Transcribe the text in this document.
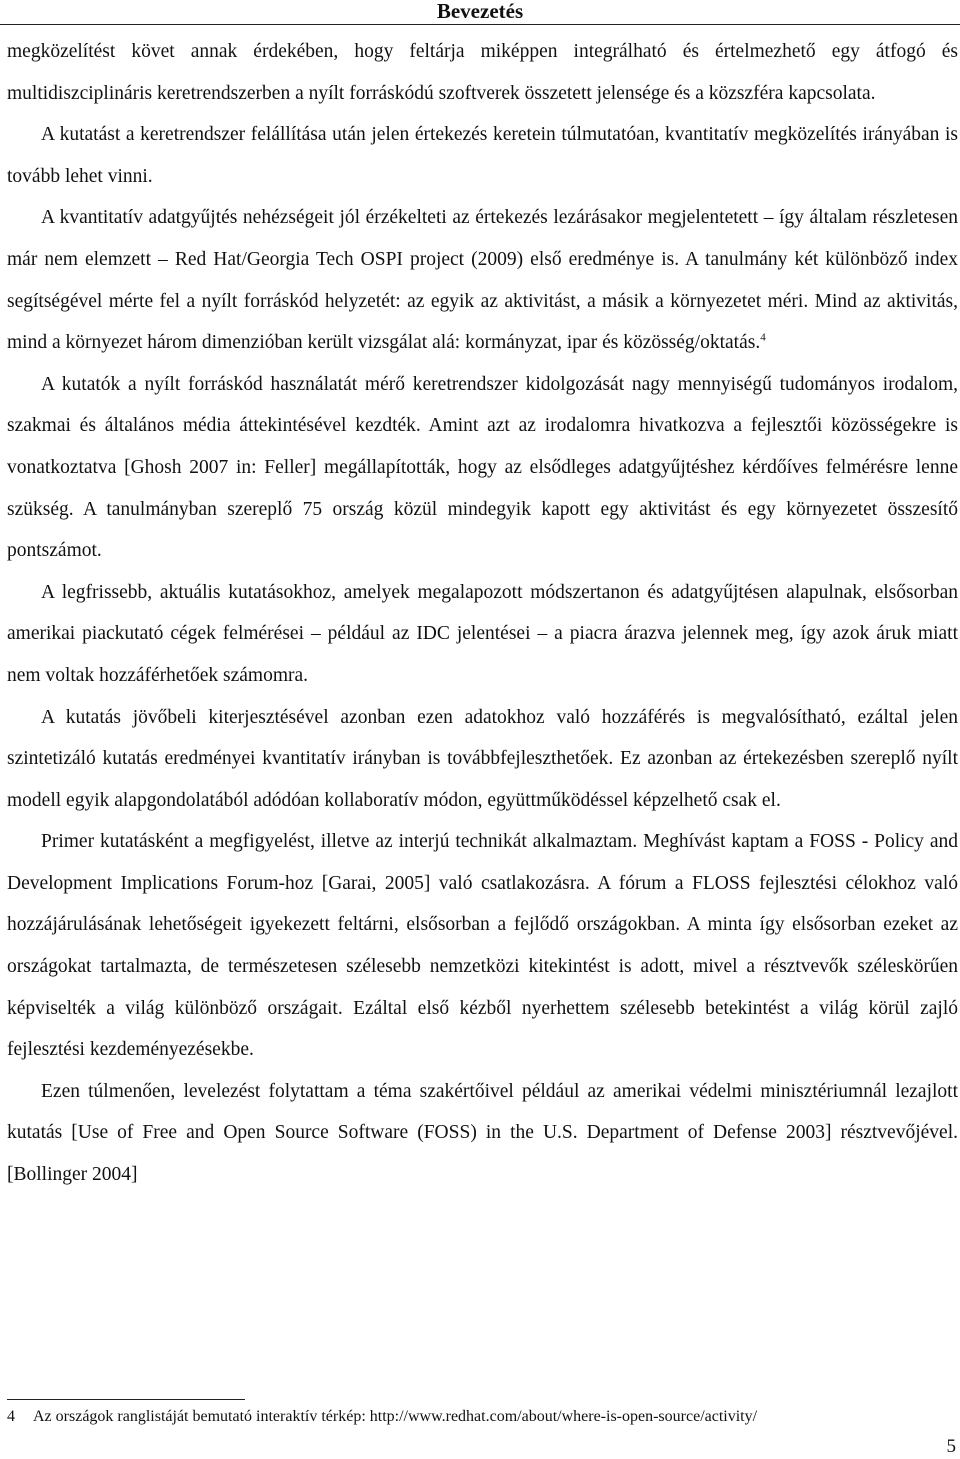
Bevezetés

megközelítést követ annak érdekében, hogy feltárja miképpen integrálható és értelmezhető egy átfogó és multidiszciplináris keretrendszerben a nyílt forráskódú szoftverek összetett jelensége és a közszféra kapcsolata.

A kutatást a keretrendszer felállítása után jelen értekezés keretein túlmutatóan, kvantitatív megközelítés irányában is tovább lehet vinni.

A kvantitatív adatgyűjtés nehézségeit jól érzékelteti az értekezés lezárásakor megjelentetett – így általam részletesen már nem elemzett – Red Hat/Georgia Tech OSPI project (2009) első eredménye is. A tanulmány két különböző index segítségével mérte fel a nyílt forráskód helyzetét: az egyik az aktivitást, a másik a környezetet méri. Mind az aktivitás, mind a környezet három dimenzióban került vizsgálat alá: kormányzat, ipar és közösség/oktatás.$^4$

A kutatók a nyílt forráskód használatát mérő keretrendszer kidolgozását nagy mennyiségű tudományos irodalom, szakmai és általános média áttekintésével kezdték. Amint azt az irodalomra hivatkozva a fejlesztői közösségekre is vonatkoztatva [Ghosh 2007 in: Feller] megállapították, hogy az elsődleges adatgyűjtéshez kérdőíves felmérésre lenne szükség. A tanulmányban szereplő 75 ország közül mindegyik kapott egy aktivitást és egy környezetet összesítő pontszámot.

A legfrissebb, aktuális kutatásokhoz, amelyek megalapozott módszertanon és adatgyűjtésen alapulnak, elsősorban amerikai piackutató cégek felmérései – például az IDC jelentései – a piacra árazva jelennek meg, így azok áruk miatt nem voltak hozzáférhetőek számomra.

A kutatás jövőbeli kiterjesztésével azonban ezen adatokhoz való hozzáférés is megvalósítható, ezáltal jelen szintetizáló kutatás eredményei kvantitatív irányban is továbbfejleszthetőek. Ez azonban az értekezésben szereplő nyílt modell egyik alapgondolatából adódóan kollaboratív módon, együttműködéssel képzelhető csak el.

Primer kutatásként a megfigyelést, illetve az interjú technikát alkalmaztam. Meghívást kaptam a FOSS - Policy and Development Implications Forum-hoz [Garai, 2005] való csatlakozásra. A fórum a FLOSS fejlesztési célokhoz való hozzájárulásának lehetőségeit igyekezett feltárni, elsősorban a fejlődő országokban. A minta így elsősorban ezeket az országokat tartalmazta, de természetesen szélesebb nemzetközi kitekintést is adott, mivel a résztvevők széleskörűen képviselték a világ különböző országait. Ezáltal első kézből nyerhettem szélesebb betekintést a világ körül zajló fejlesztési kezdeményezésekbe.

Ezen túlmenően, levelezést folytattam a téma szakértőivel például az amerikai védelmi minisztériumnál lezajlott kutatás [Use of Free and Open Source Software (FOSS) in the U.S. Department of Defense 2003] résztvevőjével. [Bollinger 2004]

4 Az országok ranglistáját bemutató interaktív térkép: http://www.redhat.com/about/where-is-open-source/activity/
5
